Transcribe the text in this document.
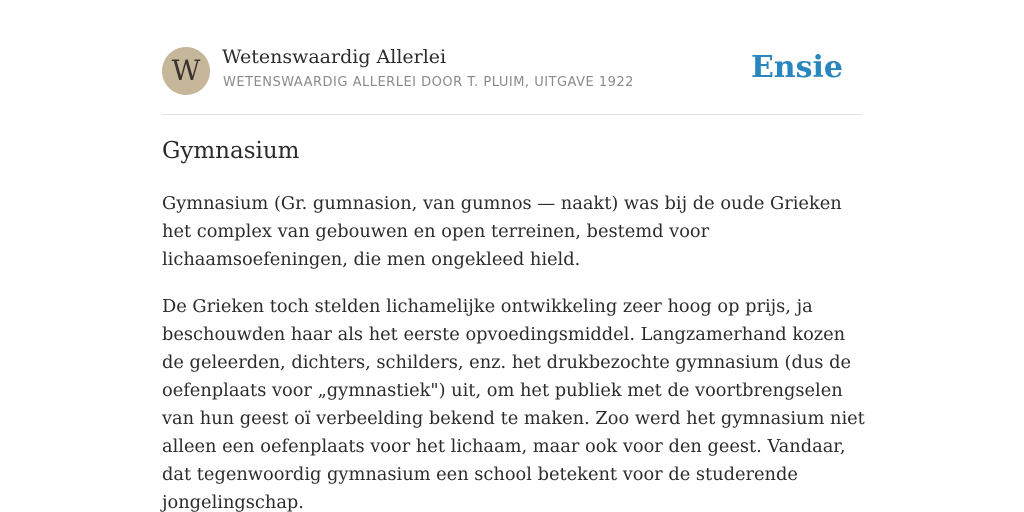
W	Wetenswaardig Allerlei
WETENSWAARDIG ALLERLEI DOOR T. PLUIM, UITGAVE 1922	Ensie
Gymnasium

Gymnasium (Gr. gumnasion, van gumnos — naakt) was bij de oude Grieken het complex van gebouwen en open terreinen, bestemd voor lichaamsoefeningen, die men ongekleed hield.

De Grieken toch stelden lichamelijke ontwikkeling zeer hoog op prijs, ja beschouwden haar als het eerste opvoedingsmiddel. Langzamerhand kozen de geleerden, dichters, schilders, enz. het drukbezochte gymnasium (dus de oefenplaats voor „gymnastiek") uit, om het publiek met de voortbrengselen van hun geest oï verbeelding bekend te maken. Zoo werd het gymnasium niet alleen een oefenplaats voor het lichaam, maar ook voor den geest. Vandaar, dat tegenwoordig gymnasium een school betekent voor de studerende jongelingschap.
